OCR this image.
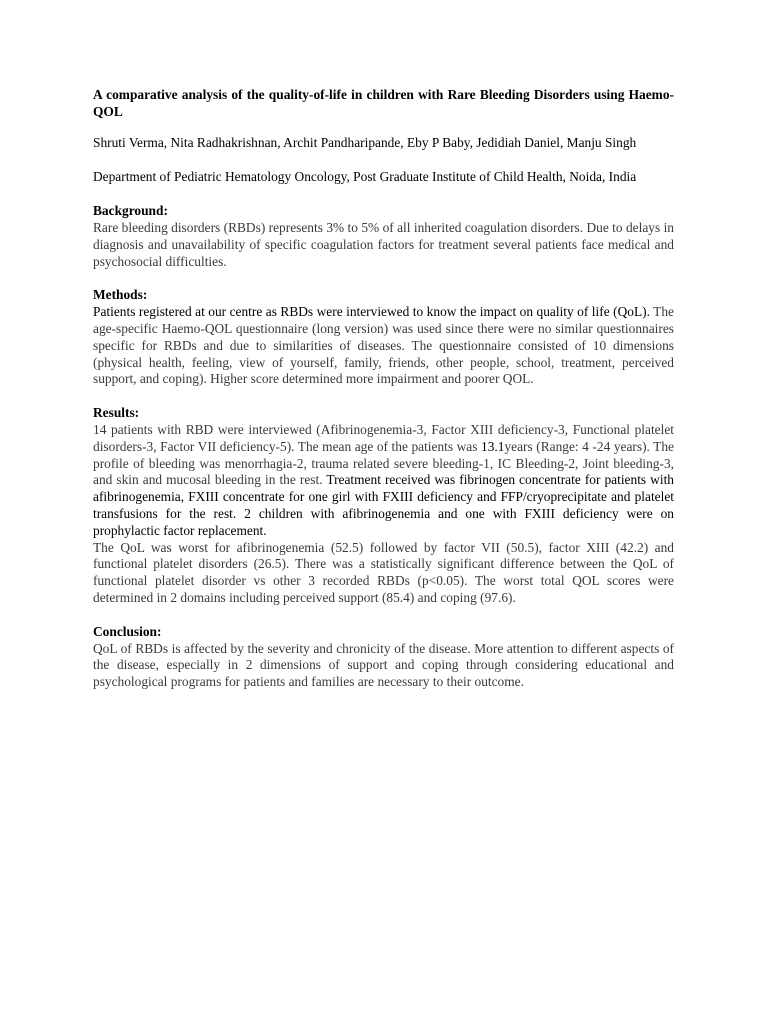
A comparative analysis of the quality-of-life in children with Rare Bleeding Disorders using Haemo-QOL

Shruti Verma, Nita Radhakrishnan, Archit Pandharipande, Eby P Baby, Jedidiah Daniel, Manju Singh

Department of Pediatric Hematology Oncology, Post Graduate Institute of Child Health, Noida, India

Background:

Rare bleeding disorders (RBDs) represents 3% to 5% of all inherited coagulation disorders. Due to delays in diagnosis and unavailability of specific coagulation factors for treatment several patients face medical and psychosocial difficulties.

Methods:

Patients registered at our centre as RBDs were interviewed to know the impact on quality of life (QoL). The age-specific Haemo-QOL questionnaire (long version) was used since there were no similar questionnaires specific for RBDs and due to similarities of diseases. The questionnaire consisted of 10 dimensions (physical health, feeling, view of yourself, family, friends, other people, school, treatment, perceived support, and coping). Higher score determined more impairment and poorer QOL.

Results:

14 patients with RBD were interviewed (Afibrinogenemia-3, Factor XIII deficiency-3, Functional platelet disorders-3, Factor VII deficiency-5). The mean age of the patients was 13.1years (Range: 4 -24 years). The profile of bleeding was menorrhagia-2, trauma related severe bleeding-1, IC Bleeding-2, Joint bleeding-3, and skin and mucosal bleeding in the rest. Treatment received was fibrinogen concentrate for patients with afibrinogenemia, FXIII concentrate for one girl with FXIII deficiency and FFP/cryoprecipitate and platelet transfusions for the rest. 2 children with afibrinogenemia and one with FXIII deficiency were on prophylactic factor replacement.

The QoL was worst for afibrinogenemia (52.5) followed by factor VII (50.5), factor XIII (42.2) and functional platelet disorders (26.5). There was a statistically significant difference between the QoL of functional platelet disorder vs other 3 recorded RBDs (p<0.05). The worst total QOL scores were determined in 2 domains including perceived support (85.4) and coping (97.6).

Conclusion:

QoL of RBDs is affected by the severity and chronicity of the disease. More attention to different aspects of the disease, especially in 2 dimensions of support and coping through considering educational and psychological programs for patients and families are necessary to their outcome.
